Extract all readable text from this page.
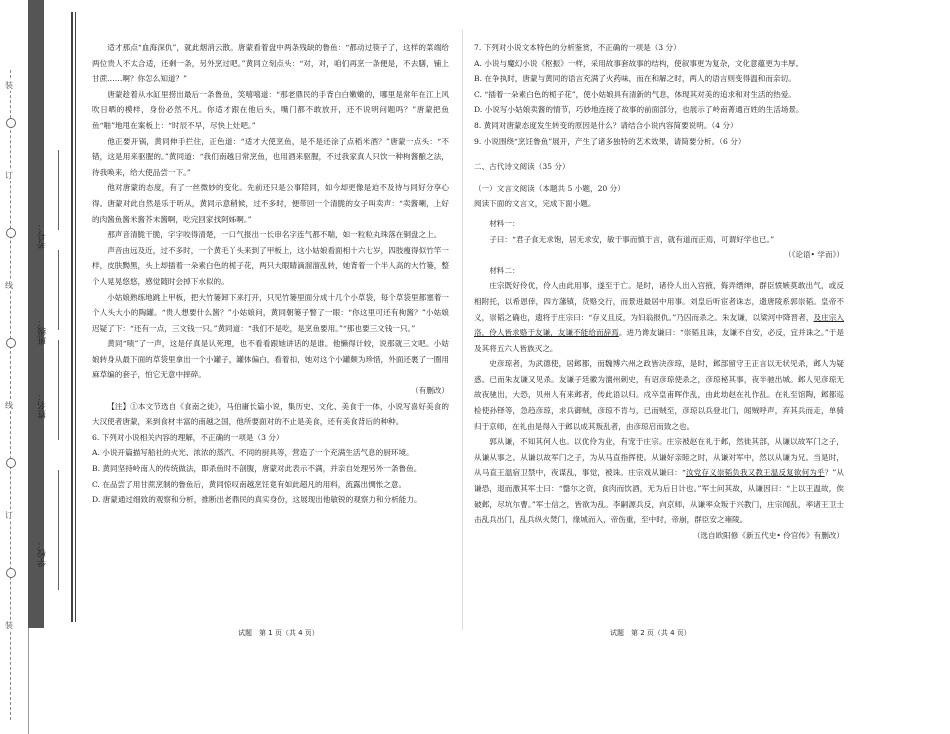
装
订
线
线
订
装
学校：
姓名：
班级：
考号：

适才那点“血海深仇”，就此烟消云散。唐蒙看着盘中两条残缺的鲁鱼：“都动过筷子了，这样的菜端给两位贵人不太合适，还剩一条，另外烹过吧。”黄同立刻点头：“对，对，咱们再烹一条便是，不去膳，铺上甘蔗……啊？你怎么知道？”

唐蒙趁着从水缸里捞出最后一条鲁鱼，笑嘻嘻道：“那老鼎民的手背白白嫩嫩的，哪里是常年在江上风吹日晒的模样，身份必然不凡。你适才跟在他后头，嘴门都不敢放开，还不说明问题吗？”唐蒙把鱼鱼“啪”地甩在案板上：“时辰不早，尽快上灶吧。”

他正要开锅，黄同伸手拦住，正色道：“适才大使烹鱼，是不是还涂了点稻米酒？”唐蒙一点头：“不错，这是用来驱腥的。”黄同道：“我们南越日常烹鱼，也用酒来驱腥，不过我家真人只饮一种枸酱酿之法，待我唤来，给大使品尝一下。”

他对唐蒙的态度，有了一丝微妙的变化。先前还只是公事陪同，如今却更像是迫不及待与同好分享心得。唐蒙对此自然是乐于听从，黄同示意稍候，过不多时，便带回一个清脆的女子叫卖声：“卖酱喇，上好的肉酱鱼酱米酱芥末酱啊，吃完回家找阿姊啊。”

那声音清脆干脆，字字咬得清楚，一口气报出一长串名字连气都不喘，如一粒粒丸珠落在铜盘之上。

声音由远及近，过不多时，一个黄毛丫头来到了甲板上，这小姑娘看面相十六七岁，四肢瘦得似竹竿一样，皮肤黝黑，头上却插着一朵素白色的栀子花，两只大眼睛滴溜溜乱转，她背着一个半人高的大竹篓，整个人晃晃悠悠，感觉随时会掉下水似的。

小姑娘熟练地跳上甲板，把大竹篓卸下来打开，只见竹篓里面分成十几个小草袋，每个草袋里都塞着一个人头大小的陶罐。“贵人想要什么酱？”小姑娘问，黄同朝篓子瞥了一眼：“你这里可还有枸酱？”小姑娘迟疑了下：“还有一点，三文钱一只。”黄同道：“我们不是吃，是烹鱼要用。”“那也要三文钱一只。”

黄同“啧”了一声，这是仔真是认死理，也不看看跟她讲话的是谁。他懒得计较，说那就三文吧。小姑娘转身从最下面的草袋里拿出一个小罐子，罐体偏白，看着扣，她对这个小罐颇为珍惜，外面还裹了一圈用麻草编的套子，怕它无意中摔碎。

（有删改）

【注】①本文节选自《食南之徒》，马伯庸长篇小说，集历史、文化、美食于一体，小说写喜好美食的大汉使者唐蒙，来到食材丰富的南越之国，他所要面对的不止是美食，还有美食背后的种种。

6. 下列对小说相关内容的理解，不正确的一项是（3 分）

A. 小说开篇描写船社的火光、浓浓的蒸汽、不同的厨具等，营造了一个充满生活气息的厨环境。

B. 黄同坚持岭南人的传统做法，即杀鱼时不剖腹，唐蒙对此表示不满，并亲自处理另外一条鲁鱼。

C. 在品尝了用甘蔗烹制的鲁鱼后，黄同惊叹南越烹饪竟有如此超凡的用料，流露出惆怅之意。

D. 唐蒙通过细致的观察和分析，推断出老鼎民的真实身份，这展现出他敏锐的观察力和分析能力。

试题　第 1 页（共 4 页）

7. 下列对小说文本特色的分析鉴赏，不正确的一项是（3 分）

A. 小说与魔幻小说《枢振》一样，采用故事套故事的结构，使叙事更为复杂，文化意蕴更为丰厚。

B. 在争执时，唐蒙与黄同的语言充满了火药味，而在和解之时，两人的语言则变得温和而亲切。

C. “插着一朵素白色的栀子花”，使小姑娘具有清新的气息，体现其对美的追求和对生活的热爱。

D. 小说写小姑娘卖酱的情节，巧妙地连接了故事的前面部分，也展示了岭南菁通百姓的生活场景。

8. 黄同对唐蒙态度发生转变的原因是什么？请结合小说内容简要说明。（4 分）

9. 小说围绕“烹饪鲁鱼”展开，产生了诸多独特的艺术效果，请简要分析。（6 分）

二、古代诗文阅读（35 分）

（一）文言文阅读（本题共 5 小题，20 分）

阅读下面的文言文，完成下面小题。

材料一：

子曰：“君子食无求饱，居无求安，敏于事而慎于言，就有道而正焉，可谓好学也已。”

（《论语• 学而》）

材料二：

庄宗既好伶优，伶人由此用事，遂至于亡。是时，诸伶人出入宫掖，侮弄缙绅，群臣愤嫉莫敢出气，或反相附托，以希恩倖，四方藩镇，货赂交行，而景进最居中用事。刘皇后听宦者诛志，遗唐陵系郭崇韬。皇帝不义，崇韬之确也，遗将于庄宗曰：“存义且反，为妇翁报仇。”乃囚而杀之。朱友谦，以梁河中降晋者，及庄宗入洛，伶人皆求赂于友谦，友谦不能给而辞焉。进乃谗友谦曰：“崇韬且诛，友谦不自安，必反，宜并诛之。”于是及其将五六人皆族灭之。

史彦琼者，为武德使，居邺都，而魏博六州之政皆决彦琼，是时，邺部留守王正言以无状见杀，邺人为疑惑。已而朱友谦又见杀。友谦子廷徽为澶州刺史，有诏彦琼使杀之，彦琼秘其事，夜半驰出城。邺人见彦琼无故夜驰出，大恐，贝州人有来邺者，传此语以归。戍卒皇甫晖作乱，由此劫赵在礼作乱。在礼至馆陶，邺都巡检使孙铎等，急趋彦琼，求兵御贼，彦琼不肯与，已而贼至，彦琼以兵登北门，闻贼呼声，弃其兵而走，单骑归于京师，在礼由是得入于邺以成其叛乱者，由彦琼启而致之也。

郭从谦，不知其何人也。以优伶为业，有宠于庄宗。庄宗被赵在礼于邺，然徙其部，从谦以故军门之子，从谦从事之。从谦以故军门之子，为从马直指挥使。从谦好亲睦之时，从谦对军中，然以从谦为兄。当是时，从马直王温宿卫禁中，夜谋乱，事觉，被诛。庄宗戏从谦曰：“汝党存义崇韬负我又教王温反复欲何为乎？”从谦恐，退而激其军士曰：“罄尔之资，食肉而饮酒，无为后日计也。”军士问其故，从谦因曰：“上以王温故，俟破邺，尽坑尔曹。”军士信之，皆欲为乱。李嗣源兵反，向京师，从谦率众叛于兴教门，庄宗闻乱，率诸王卫士击乱兵出门，乱兵纵火焚门，缘城而入，帝伤重，至中时，帝崩，群臣安之雍陵。

（选自欧阳修《新五代史• 伶官传》有删改）

试题　第 2 页（共 4 页）
